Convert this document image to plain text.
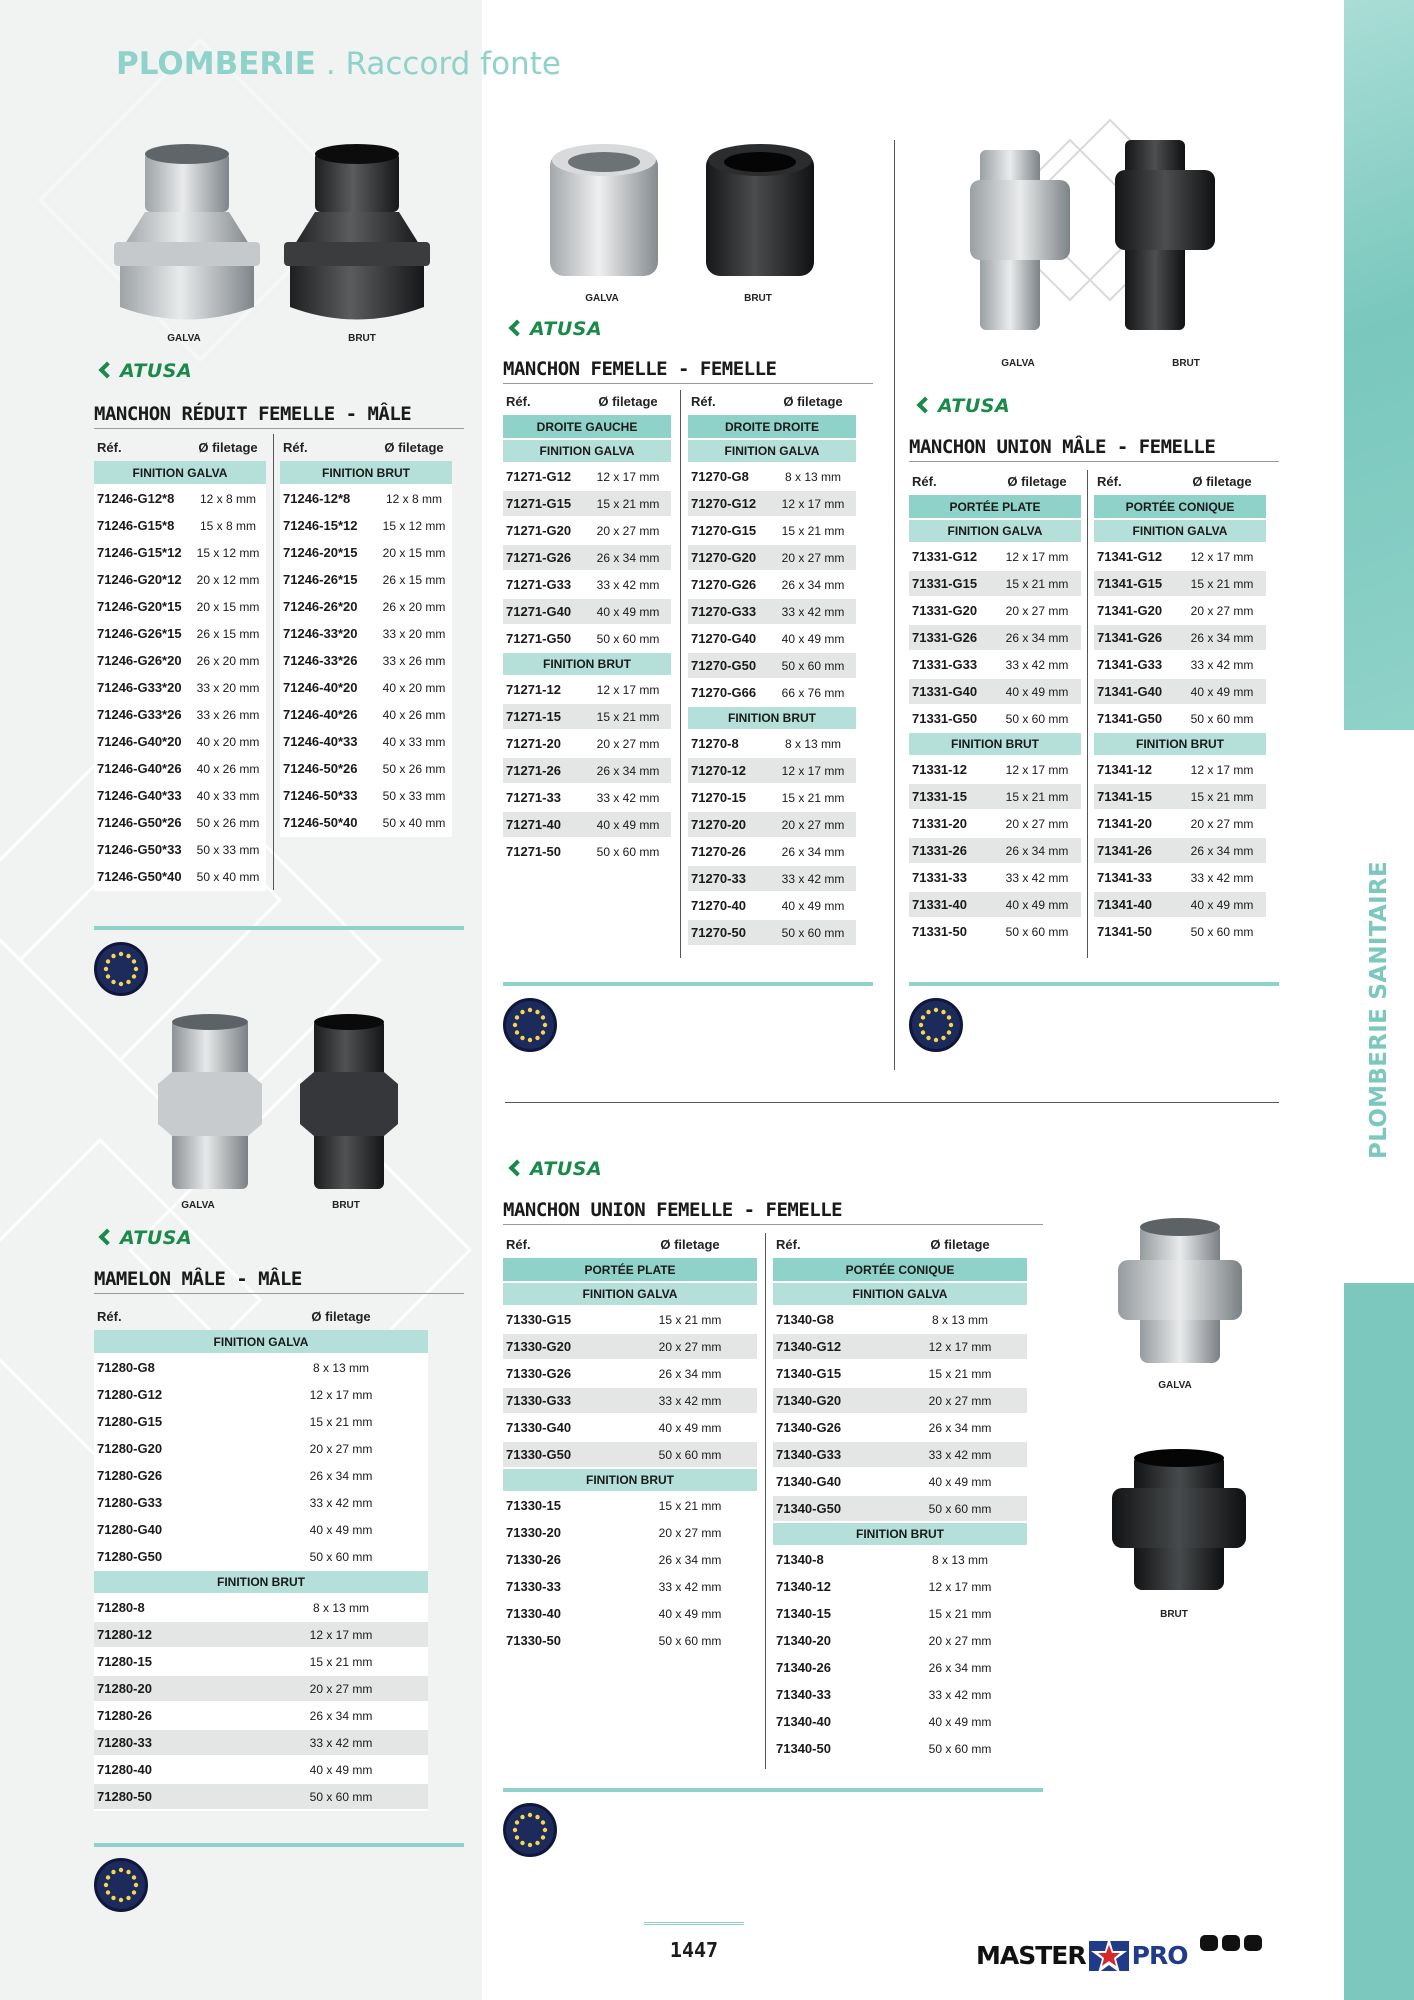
PLOMBERIE SANITAIRE
PLOMBERIE . Raccord fonte
GALVA	BRUT
ATUSA
MANCHON RÉDUIT FEMELLE - MÂLE
Réf.	Ø filetage
FINITION GALVA	
71246-G12*8	12 x 8 mm
71246-G15*8	15 x 8 mm
71246-G15*12	15 x 12 mm
71246-G20*12	20 x 12 mm
71246-G20*15	20 x 15 mm
71246-G26*15	26 x 15 mm
71246-G26*20	26 x 20 mm
71246-G33*20	33 x 20 mm
71246-G33*26	33 x 26 mm
71246-G40*20	40 x 20 mm
71246-G40*26	40 x 26 mm
71246-G40*33	40 x 33 mm
71246-G50*26	50 x 26 mm
71246-G50*33	50 x 33 mm
71246-G50*40	50 x 40 mm
Réf.	Ø filetage
FINITION BRUT	
71246-12*8	12 x 8 mm
71246-15*12	15 x 12 mm
71246-20*15	20 x 15 mm
71246-26*15	26 x 15 mm
71246-26*20	26 x 20 mm
71246-33*20	33 x 20 mm
71246-33*26	33 x 26 mm
71246-40*20	40 x 20 mm
71246-40*26	40 x 26 mm
71246-40*33	40 x 33 mm
71246-50*26	50 x 26 mm
71246-50*33	50 x 33 mm
71246-50*40	50 x 40 mm
GALVA	BRUT
ATUSA
MAMELON MÂLE - MÂLE
Réf.	Ø filetage
FINITION GALVA	
71280-G8	8 x 13 mm
71280-G12	12 x 17 mm
71280-G15	15 x 21 mm
71280-G20	20 x 27 mm
71280-G26	26 x 34 mm
71280-G33	33 x 42 mm
71280-G40	40 x 49 mm
71280-G50	50 x 60 mm
FINITION BRUT	
71280-8	8 x 13 mm
71280-12	12 x 17 mm
71280-15	15 x 21 mm
71280-20	20 x 27 mm
71280-26	26 x 34 mm
71280-33	33 x 42 mm
71280-40	40 x 49 mm
71280-50	50 x 60 mm
GALVA	BRUT
ATUSA
MANCHON FEMELLE - FEMELLE
Réf.	Ø filetage
DROITE GAUCHE	
FINITION GALVA	
71271-G12	12 x 17 mm
71271-G15	15 x 21 mm
71271-G20	20 x 27 mm
71271-G26	26 x 34 mm
71271-G33	33 x 42 mm
71271-G40	40 x 49 mm
71271-G50	50 x 60 mm
FINITION BRUT	
71271-12	12 x 17 mm
71271-15	15 x 21 mm
71271-20	20 x 27 mm
71271-26	26 x 34 mm
71271-33	33 x 42 mm
71271-40	40 x 49 mm
71271-50	50 x 60 mm
Réf.	Ø filetage
DROITE DROITE	
FINITION GALVA	
71270-G8	8 x 13 mm
71270-G12	12 x 17 mm
71270-G15	15 x 21 mm
71270-G20	20 x 27 mm
71270-G26	26 x 34 mm
71270-G33	33 x 42 mm
71270-G40	40 x 49 mm
71270-G50	50 x 60 mm
71270-G66	66 x 76 mm
FINITION BRUT	
71270-8	8 x 13 mm
71270-12	12 x 17 mm
71270-15	15 x 21 mm
71270-20	20 x 27 mm
71270-26	26 x 34 mm
71270-33	33 x 42 mm
71270-40	40 x 49 mm
71270-50	50 x 60 mm
GALVA	BRUT
ATUSA
MANCHON UNION MÂLE - FEMELLE
Réf.	Ø filetage
PORTÉE PLATE	
FINITION GALVA	
71331-G12	12 x 17 mm
71331-G15	15 x 21 mm
71331-G20	20 x 27 mm
71331-G26	26 x 34 mm
71331-G33	33 x 42 mm
71331-G40	40 x 49 mm
71331-G50	50 x 60 mm
FINITION BRUT	
71331-12	12 x 17 mm
71331-15	15 x 21 mm
71331-20	20 x 27 mm
71331-26	26 x 34 mm
71331-33	33 x 42 mm
71331-40	40 x 49 mm
71331-50	50 x 60 mm
Réf.	Ø filetage
PORTÉE CONIQUE	
FINITION GALVA	
71341-G12	12 x 17 mm
71341-G15	15 x 21 mm
71341-G20	20 x 27 mm
71341-G26	26 x 34 mm
71341-G33	33 x 42 mm
71341-G40	40 x 49 mm
71341-G50	50 x 60 mm
FINITION BRUT	
71341-12	12 x 17 mm
71341-15	15 x 21 mm
71341-20	20 x 27 mm
71341-26	26 x 34 mm
71341-33	33 x 42 mm
71341-40	40 x 49 mm
71341-50	50 x 60 mm
ATUSA
MANCHON UNION FEMELLE - FEMELLE
Réf.	Ø filetage
PORTÉE PLATE	
FINITION GALVA	
71330-G15	15 x 21 mm
71330-G20	20 x 27 mm
71330-G26	26 x 34 mm
71330-G33	33 x 42 mm
71330-G40	40 x 49 mm
71330-G50	50 x 60 mm
FINITION BRUT	
71330-15	15 x 21 mm
71330-20	20 x 27 mm
71330-26	26 x 34 mm
71330-33	33 x 42 mm
71330-40	40 x 49 mm
71330-50	50 x 60 mm
Réf.	Ø filetage
PORTÉE CONIQUE	
FINITION GALVA	
71340-G8	8 x 13 mm
71340-G12	12 x 17 mm
71340-G15	15 x 21 mm
71340-G20	20 x 27 mm
71340-G26	26 x 34 mm
71340-G33	33 x 42 mm
71340-G40	40 x 49 mm
71340-G50	50 x 60 mm
FINITION BRUT	
71340-8	8 x 13 mm
71340-12	12 x 17 mm
71340-15	15 x 21 mm
71340-20	20 x 27 mm
71340-26	26 x 34 mm
71340-33	33 x 42 mm
71340-40	40 x 49 mm
71340-50	50 x 60 mm
GALVA
BRUT
1447	MASTER PRO
